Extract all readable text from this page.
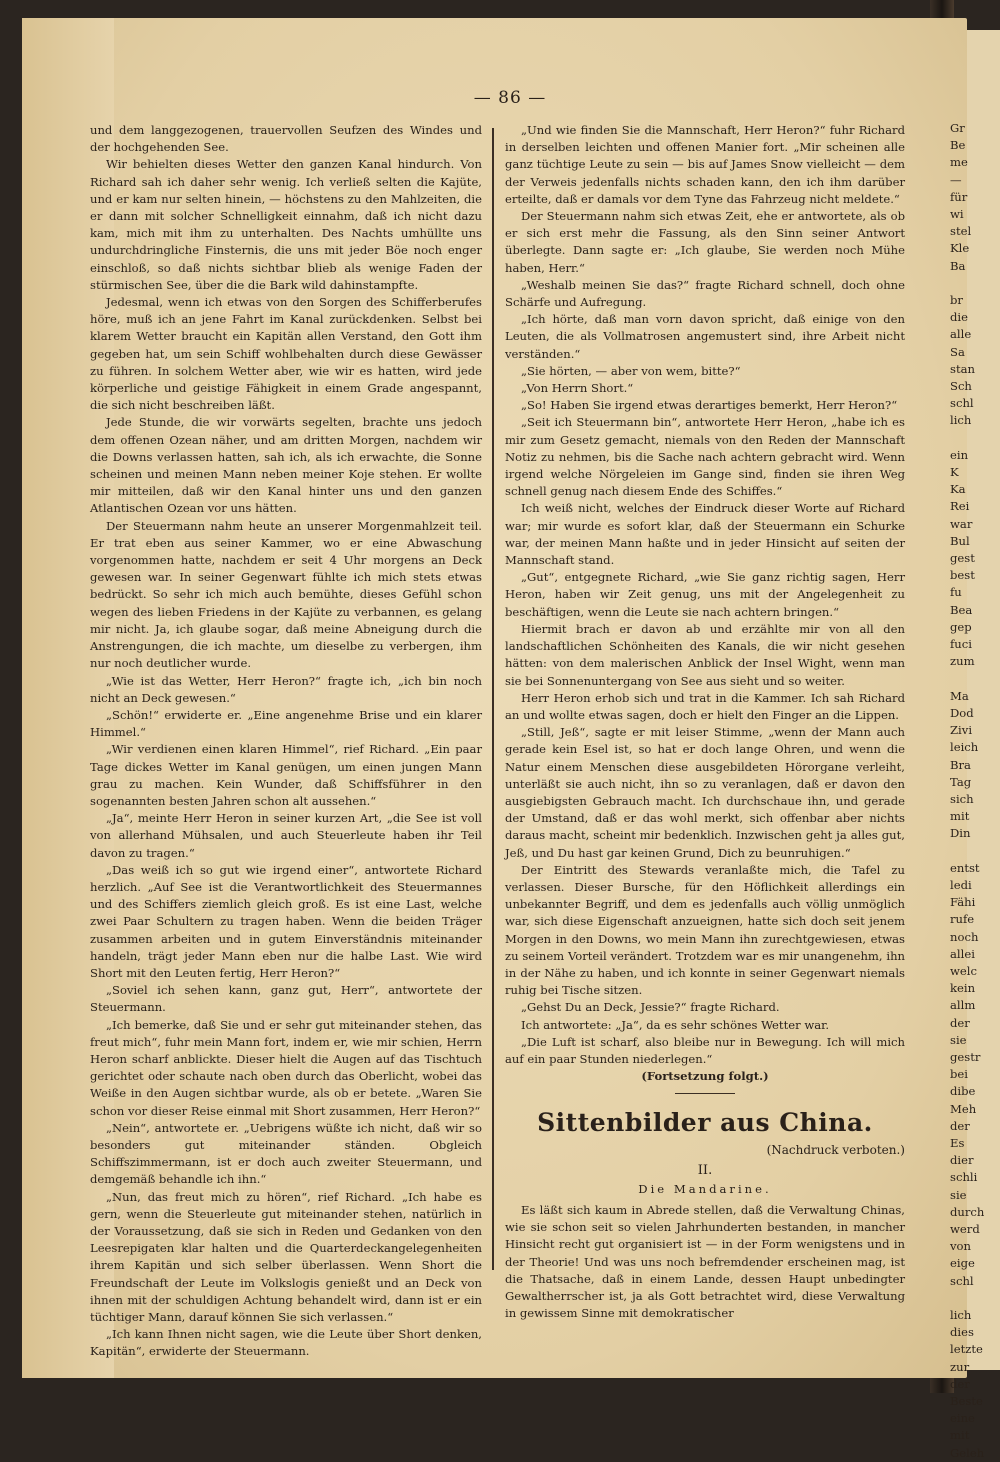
— 86 —

und dem langgezogenen, trauervollen Seufzen des Windes und der hochgehenden See.

Wir behielten dieses Wetter den ganzen Kanal hindurch. Von Richard sah ich daher sehr wenig. Ich verließ selten die Kajüte, und er kam nur selten hinein, — höchstens zu den Mahlzeiten, die er dann mit solcher Schnelligkeit einnahm, daß ich nicht dazu kam, mich mit ihm zu unterhalten. Des Nachts umhüllte uns undurchdringliche Finsternis, die uns mit jeder Böe noch enger einschloß, so daß nichts sichtbar blieb als wenige Faden der stürmischen See, über die die Bark wild dahinstampfte.

Jedesmal, wenn ich etwas von den Sorgen des Schifferberufes höre, muß ich an jene Fahrt im Kanal zurückdenken. Selbst bei klarem Wetter braucht ein Kapitän allen Verstand, den Gott ihm gegeben hat, um sein Schiff wohlbehalten durch diese Gewässer zu führen. In solchem Wetter aber, wie wir es hatten, wird jede körperliche und geistige Fähigkeit in einem Grade angespannt, die sich nicht beschreiben läßt.

Jede Stunde, die wir vorwärts segelten, brachte uns jedoch dem offenen Ozean näher, und am dritten Morgen, nachdem wir die Downs verlassen hatten, sah ich, als ich erwachte, die Sonne scheinen und meinen Mann neben meiner Koje stehen. Er wollte mir mitteilen, daß wir den Kanal hinter uns und den ganzen Atlantischen Ozean vor uns hätten.

Der Steuermann nahm heute an unserer Morgenmahlzeit teil. Er trat eben aus seiner Kammer, wo er eine Abwaschung vorgenommen hatte, nachdem er seit 4 Uhr morgens an Deck gewesen war. In seiner Gegenwart fühlte ich mich stets etwas bedrückt. So sehr ich mich auch bemühte, dieses Gefühl schon wegen des lieben Friedens in der Kajüte zu verbannen, es gelang mir nicht. Ja, ich glaube sogar, daß meine Abneigung durch die Anstrengungen, die ich machte, um dieselbe zu verbergen, ihm nur noch deutlicher wurde.

„Wie ist das Wetter, Herr Heron?“ fragte ich, „ich bin noch nicht an Deck gewesen.“

„Schön!“ erwiderte er. „Eine angenehme Brise und ein klarer Himmel.“

„Wir verdienen einen klaren Himmel“, rief Richard. „Ein paar Tage dickes Wetter im Kanal genügen, um einen jungen Mann grau zu machen. Kein Wunder, daß Schiffsführer in den sogenannten besten Jahren schon alt aussehen.“

„Ja“, meinte Herr Heron in seiner kurzen Art, „die See ist voll von allerhand Mühsalen, und auch Steuerleute haben ihr Teil davon zu tragen.“

„Das weiß ich so gut wie irgend einer“, antwortete Richard herzlich. „Auf See ist die Verantwortlichkeit des Steuermannes und des Schiffers ziemlich gleich groß. Es ist eine Last, welche zwei Paar Schultern zu tragen haben. Wenn die beiden Träger zusammen arbeiten und in gutem Einverständnis miteinander handeln, trägt jeder Mann eben nur die halbe Last. Wie wird Short mit den Leuten fertig, Herr Heron?“

„Soviel ich sehen kann, ganz gut, Herr“, antwortete der Steuermann.

„Ich bemerke, daß Sie und er sehr gut miteinander stehen, das freut mich“, fuhr mein Mann fort, indem er, wie mir schien, Herrn Heron scharf anblickte. Dieser hielt die Augen auf das Tischtuch gerichtet oder schaute nach oben durch das Oberlicht, wobei das Weiße in den Augen sichtbar wurde, als ob er betete. „Waren Sie schon vor dieser Reise einmal mit Short zusammen, Herr Heron?“

„Nein“, antwortete er. „Uebrigens wüßte ich nicht, daß wir so besonders gut miteinander ständen. Obgleich Schiffszimmermann, ist er doch auch zweiter Steuermann, und demgemäß behandle ich ihn.“

„Nun, das freut mich zu hören“, rief Richard. „Ich habe es gern, wenn die Steuerleute gut miteinander stehen, natürlich in der Voraussetzung, daß sie sich in Reden und Gedanken von den Leesrepigaten klar halten und die Quarterdeckangelegenheiten ihrem Kapitän und sich selber überlassen. Wenn Short die Freundschaft der Leute im Volkslogis genießt und an Deck von ihnen mit der schuldigen Achtung behandelt wird, dann ist er ein tüchtiger Mann, darauf können Sie sich verlassen.“

„Ich kann Ihnen nicht sagen, wie die Leute über Short denken, Kapitän“, erwiderte der Steuermann.

„Und wie finden Sie die Mannschaft, Herr Heron?“ fuhr Richard in derselben leichten und offenen Manier fort. „Mir scheinen alle ganz tüchtige Leute zu sein — bis auf James Snow vielleicht — dem der Verweis jedenfalls nichts schaden kann, den ich ihm darüber erteilte, daß er damals vor dem Tyne das Fahrzeug nicht meldete.“

Der Steuermann nahm sich etwas Zeit, ehe er antwortete, als ob er sich erst mehr die Fassung, als den Sinn seiner Antwort überlegte. Dann sagte er: „Ich glaube, Sie werden noch Mühe haben, Herr.“

„Weshalb meinen Sie das?“ fragte Richard schnell, doch ohne Schärfe und Aufregung.

„Ich hörte, daß man vorn davon spricht, daß einige von den Leuten, die als Vollmatrosen angemustert sind, ihre Arbeit nicht verständen.“

„Sie hörten, — aber von wem, bitte?“

„Von Herrn Short.“

„So! Haben Sie irgend etwas derartiges bemerkt, Herr Heron?“

„Seit ich Steuermann bin“, antwortete Herr Heron, „habe ich es mir zum Gesetz gemacht, niemals von den Reden der Mannschaft Notiz zu nehmen, bis die Sache nach achtern gebracht wird. Wenn irgend welche Nörgeleien im Gange sind, finden sie ihren Weg schnell genug nach diesem Ende des Schiffes.“

Ich weiß nicht, welches der Eindruck dieser Worte auf Richard war; mir wurde es sofort klar, daß der Steuermann ein Schurke war, der meinen Mann haßte und in jeder Hinsicht auf seiten der Mannschaft stand.

„Gut“, entgegnete Richard, „wie Sie ganz richtig sagen, Herr Heron, haben wir Zeit genug, uns mit der Angelegenheit zu beschäftigen, wenn die Leute sie nach achtern bringen.“

Hiermit brach er davon ab und erzählte mir von all den landschaftlichen Schönheiten des Kanals, die wir nicht gesehen hätten: von dem malerischen Anblick der Insel Wight, wenn man sie bei Sonnenuntergang von See aus sieht und so weiter.

Herr Heron erhob sich und trat in die Kammer. Ich sah Richard an und wollte etwas sagen, doch er hielt den Finger an die Lippen.

„Still, Jeß“, sagte er mit leiser Stimme, „wenn der Mann auch gerade kein Esel ist, so hat er doch lange Ohren, und wenn die Natur einem Menschen diese ausgebildeten Hörorgane verleiht, unterläßt sie auch nicht, ihn so zu veranlagen, daß er davon den ausgiebigsten Gebrauch macht. Ich durchschaue ihn, und gerade der Umstand, daß er das wohl merkt, sich offenbar aber nichts daraus macht, scheint mir bedenklich. Inzwischen geht ja alles gut, Jeß, und Du hast gar keinen Grund, Dich zu beunruhigen.“

Der Eintritt des Stewards veranlaßte mich, die Tafel zu verlassen. Dieser Bursche, für den Höflichkeit allerdings ein unbekannter Begriff, und dem es jedenfalls auch völlig unmöglich war, sich diese Eigenschaft anzueignen, hatte sich doch seit jenem Morgen in den Downs, wo mein Mann ihn zurechtgewiesen, etwas zu seinem Vorteil verändert. Trotzdem war es mir unangenehm, ihn in der Nähe zu haben, und ich konnte in seiner Gegenwart niemals ruhig bei Tische sitzen.

„Gehst Du an Deck, Jessie?“ fragte Richard.

Ich antwortete: „Ja“, da es sehr schönes Wetter war.

„Die Luft ist scharf, also bleibe nur in Bewegung. Ich will mich auf ein paar Stunden niederlegen.“

(Fortsetzung folgt.)

Sittenbilder aus China.
(Nachdruck verboten.)
II.
Die Mandarine.

Es läßt sich kaum in Abrede stellen, daß die Verwaltung Chinas, wie sie schon seit so vielen Jahrhunderten bestanden, in mancher Hinsicht recht gut organisiert ist — in der Form wenigstens und in der Theorie! Und was uns noch befremdender erscheinen mag, ist die Thatsache, daß in einem Lande, dessen Haupt unbedingter Gewaltherrscher ist, ja als Gott betrachtet wird, diese Verwaltung in gewissem Sinne mit demokratischer

Gr
Be
me
—
für
wi
stel
Kle
Ba

br
die
alle
Sa
stan
Sch
schl
lich

ein
K
Ka
Rei
war
Bul
gest
best
fu
Bea
gep
fuci
zum

Ma
Dod
Zivi
leich
Bra
Tag
sich
mit
Din

entst
ledi
Fähi
rufe
noch
allei
welc
kein
allm
der
sie
gestr
bei
dibe
Meh
der
Es
dier
schli
sie
durch
werd
von
eige
schl

lich
dies
letzte
zur
der
Beste
eine
mit
Geleh
